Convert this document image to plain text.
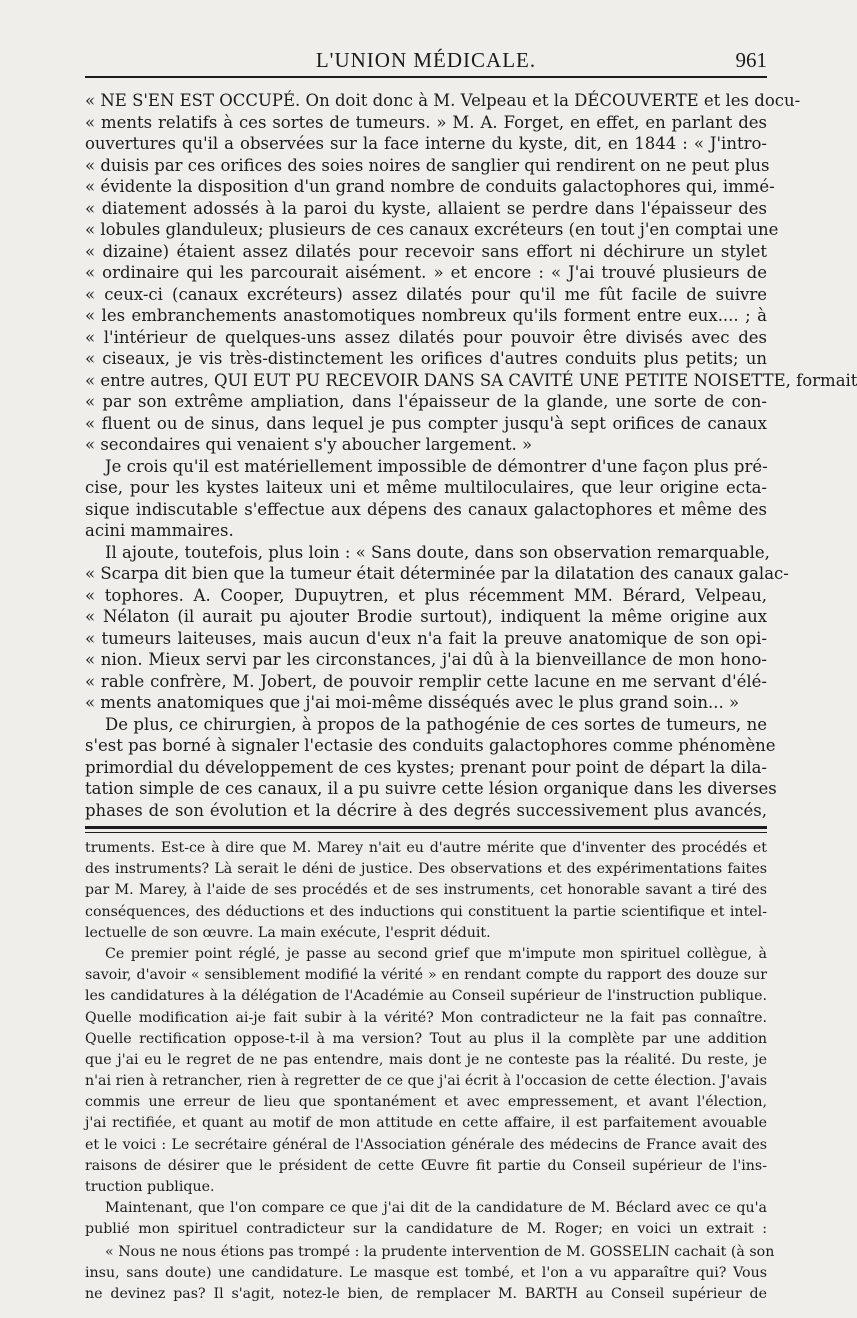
L'UNION MÉDICALE.	961
« NE S'EN EST OCCUPÉ. On doit donc à M. Velpeau et la DÉCOUVERTE et les docu-
« ments relatifs à ces sortes de tumeurs. » M. A. Forget, en effet, en parlant des
ouvertures qu'il a observées sur la face interne du kyste, dit, en 1844 : « J'intro-
« duisis par ces orifices des soies noires de sanglier qui rendirent on ne peut plus
« évidente la disposition d'un grand nombre de conduits galactophores qui, immé-
« diatement adossés à la paroi du kyste, allaient se perdre dans l'épaisseur des
« lobules glanduleux; plusieurs de ces canaux excréteurs (en tout j'en comptai une
« dizaine) étaient assez dilatés pour recevoir sans effort ni déchirure un stylet
« ordinaire qui les parcourait aisément. » et encore : « J'ai trouvé plusieurs de
« ceux-ci (canaux excréteurs) assez dilatés pour qu'il me fût facile de suivre
« les embranchements anastomotiques nombreux qu'ils forment entre eux.... ; à
« l'intérieur de quelques-uns assez dilatés pour pouvoir être divisés avec des
« ciseaux, je vis très-distinctement les orifices d'autres conduits plus petits; un
« entre autres, QUI EUT PU RECEVOIR DANS SA CAVITÉ UNE PETITE NOISETTE, formait
« par son extrême ampliation, dans l'épaisseur de la glande, une sorte de con-
« fluent ou de sinus, dans lequel je pus compter jusqu'à sept orifices de canaux
« secondaires qui venaient s'y aboucher largement. »
Je crois qu'il est matériellement impossible de démontrer d'une façon plus pré-
cise, pour les kystes laiteux uni et même multiloculaires, que leur origine ecta-
sique indiscutable s'effectue aux dépens des canaux galactophores et même des
acini mammaires.
Il ajoute, toutefois, plus loin : « Sans doute, dans son observation remarquable,
« Scarpa dit bien que la tumeur était déterminée par la dilatation des canaux galac-
« tophores. A. Cooper, Dupuytren, et plus récemment MM. Bérard, Velpeau,
« Nélaton (il aurait pu ajouter Brodie surtout), indiquent la même origine aux
« tumeurs laiteuses, mais aucun d'eux n'a fait la preuve anatomique de son opi-
« nion. Mieux servi par les circonstances, j'ai dû à la bienveillance de mon hono-
« rable confrère, M. Jobert, de pouvoir remplir cette lacune en me servant d'élé-
« ments anatomiques que j'ai moi-même disséqués avec le plus grand soin... »
De plus, ce chirurgien, à propos de la pathogénie de ces sortes de tumeurs, ne
s'est pas borné à signaler l'ectasie des conduits galactophores comme phénomène
primordial du développement de ces kystes; prenant pour point de départ la dila-
tation simple de ces canaux, il a pu suivre cette lésion organique dans les diverses
phases de son évolution et la décrire à des degrés successivement plus avancés,
truments. Est-ce à dire que M. Marey n'ait eu d'autre mérite que d'inventer des procédés et
des instruments? Là serait le déni de justice. Des observations et des expérimentations faites
par M. Marey, à l'aide de ses procédés et de ses instruments, cet honorable savant a tiré des
conséquences, des déductions et des inductions qui constituent la partie scientifique et intel-
lectuelle de son œuvre. La main exécute, l'esprit déduit.
Ce premier point réglé, je passe au second grief que m'impute mon spirituel collègue, à
savoir, d'avoir « sensiblement modifié la vérité » en rendant compte du rapport des douze sur
les candidatures à la délégation de l'Académie au Conseil supérieur de l'instruction publique.
Quelle modification ai-je fait subir à la vérité? Mon contradicteur ne la fait pas connaître.
Quelle rectification oppose-t-il à ma version? Tout au plus il la complète par une addition
que j'ai eu le regret de ne pas entendre, mais dont je ne conteste pas la réalité. Du reste, je
n'ai rien à retrancher, rien à regretter de ce que j'ai écrit à l'occasion de cette élection. J'avais
commis une erreur de lieu que spontanément et avec empressement, et avant l'élection,
j'ai rectifiée, et quant au motif de mon attitude en cette affaire, il est parfaitement avouable
et le voici : Le secrétaire général de l'Association générale des médecins de France avait des
raisons de désirer que le président de cette Œuvre fit partie du Conseil supérieur de l'ins-
truction publique.
Maintenant, que l'on compare ce que j'ai dit de la candidature de M. Béclard avec ce qu'a
publié mon spirituel contradicteur sur la candidature de M. Roger; en voici un extrait :
« Nous ne nous étions pas trompé : la prudente intervention de M. GOSSELIN cachait (à son
insu, sans doute) une candidature. Le masque est tombé, et l'on a vu apparaître qui? Vous
ne devinez pas? Il s'agit, notez-le bien, de remplacer M. BARTH au Conseil supérieur de
